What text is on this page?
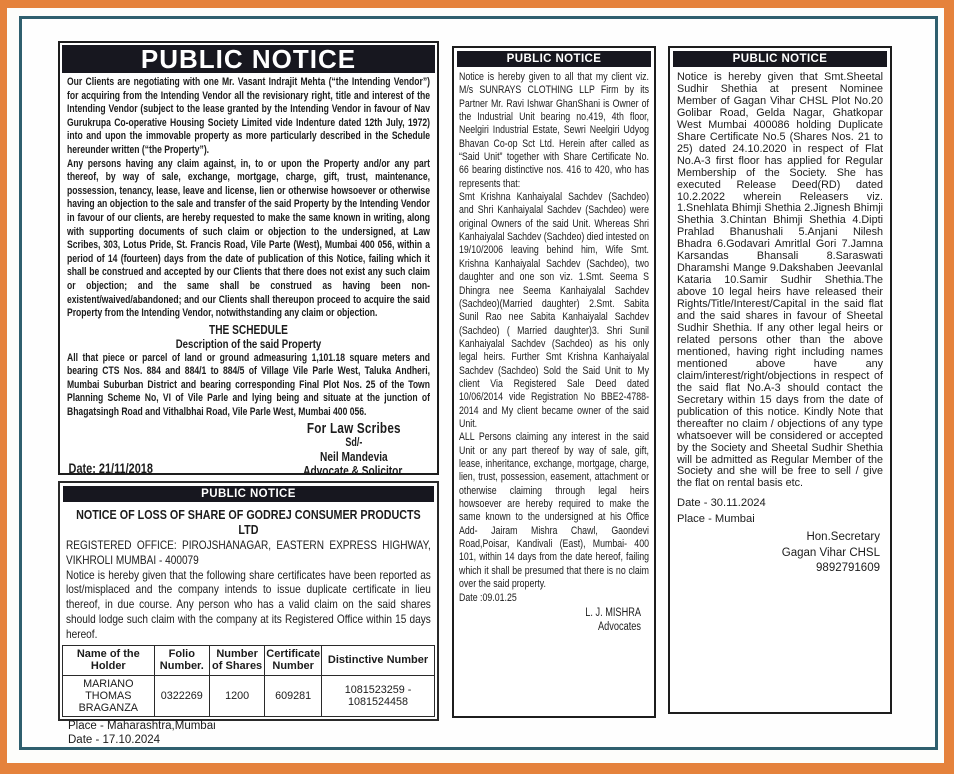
PUBLIC NOTICE

Our Clients are negotiating with one Mr. Vasant Indrajit Mehta (“the Intending Vendor”) for acquiring from the Intending Vendor all the revisionary right, title and interest of the Intending Vendor (subject to the lease granted by the Intending Vendor in favour of Nav Gurukrupa Co-operative Housing Society Limited vide Indenture dated 12th July, 1972) into and upon the immovable property as more particularly described in the Schedule hereunder written (“the Property”).

Any persons having any claim against, in, to or upon the Property and/or any part thereof, by way of sale, exchange, mortgage, charge, gift, trust, maintenance, possession, tenancy, lease, leave and license, lien or otherwise howsoever or otherwise having an objection to the sale and transfer of the said Property by the Intending Vendor in favour of our clients, are hereby requested to make the same known in writing, along with supporting documents of such claim or objection to the undersigned, at Law Scribes, 303, Lotus Pride, St. Francis Road, Vile Parte (West), Mumbai 400 056, within a period of 14 (fourteen) days from the date of publication of this Notice, failing which it shall be construed and accepted by our Clients that there does not exist any such claim or objection; and the same shall be construed as having been non-existent/waived/abandoned; and our Clients shall thereupon proceed to acquire the said Property from the Intending Vendor, notwithstanding any claim or objection.

THE SCHEDULE

Description of the said Property

All that piece or parcel of land or ground admeasuring 1,101.18 square meters and bearing CTS Nos. 884 and 884/1 to 884/5 of Village Vile Parle West, Taluka Andheri, Mumbai Suburban District and bearing corresponding Final Plot Nos. 25 of the Town Planning Scheme No, VI of Vile Parle and lying being and situate at the junction of Bhagatsingh Road and Vithalbhai Road, Vile Parle West, Mumbai 400 056.

For Law Scribes
Sd/-
Neil Mandevia
Advocate & Solicitor.
Date: 21/11/2018
PUBLIC NOTICE

NOTICE OF LOSS OF SHARE OF GODREJ CONSUMER PRODUCTS LTD

REGISTERED OFFICE: PIROJSHANAGAR, EASTERN EXPRESS HIGHWAY, VIKHROLI MUMBAI - 400079

Notice is hereby given that the following share certificates have been reported as lost/misplaced and the company intends to issue duplicate certificate in lieu thereof, in due course. Any person who has a valid claim on the said shares should lodge such claim with the company at its Registered Office within 15 days hereof.

Name of the Holder	Folio Number.	Number of Shares	Certificate Number	Distinctive Number
MARIANO THOMAS BRAGANZA	0322269	1200	609281	1081523259 - 1081524458
Place - Maharashtra,Mumbai
Date - 17.10.2024
PUBLIC NOTICE

Notice is hereby given to all that my client viz. M/s SUNRAYS CLOTHING LLP Firm by its Partner Mr. Ravi Ishwar GhanShani is Owner of the Industrial Unit bearing no.419, 4th floor, Neelgiri Industrial Estate, Sewri Neelgiri Udyog Bhavan Co-op Sct Ltd. Herein after called as “Said Unit” together with Share Certificate No. 66 bearing distinctive nos. 416 to 420, who has represents that:

Smt Krishna Kanhaiyalal Sachdev (Sachdeo) and Shri Kanhaiyalal Sachdev (Sachdeo) were original Owners of the said Unit. Whereas Shri Kanhaiyalal Sachdev (Sachdeo) died intested on 19/10/2006 leaving behind him, Wife Smt. Krishna Kanhaiyalal Sachdev (Sachdeo), two daughter and one son viz. 1.Smt. Seema S Dhingra nee Seema Kanhaiyalal Sachdev (Sachdeo)(Married daughter) 2.Smt. Sabita Sunil Rao nee Sabita Kanhaiyalal Sachdev (Sachdeo) ( Married daughter)3. Shri Sunil Kanhaiyalal Sachdev (Sachdeo) as his only legal heirs. Further Smt Krishna Kanhaiyalal Sachdev (Sachdeo) Sold the Said Unit to My client Via Registered Sale Deed dated 10/06/2014 vide Registration No BBE2-4788-2014 and My client became owner of the said Unit.

ALL Persons claiming any interest in the said Unit or any part thereof by way of sale, gift, lease, inheritance, exchange, mortgage, charge, lien, trust, possession, easement, attachment or otherwise claiming through legal heirs howsoever are hereby required to make the same known to the undersigned at his Office Add- Jairam Mishra Chawl, Gaondevi Road,Poisar, Kandivali (East), Mumbai- 400 101, within 14 days from the date hereof, failing which it shall be presumed that there is no claim over the said property.

Date :09.01.25

L. J. MISHRA
Advocates
PUBLIC NOTICE

Notice is hereby given that Smt.Sheetal Sudhir Shethia at present Nominee Member of Gagan Vihar CHSL Plot No.20 Golibar Road, Gelda Nagar, Ghatkopar West Mumbai 400086 holding Duplicate Share Certificate No.5 (Shares Nos. 21 to 25) dated 24.10.2020 in respect of Flat No.A-3 first floor has applied for Regular Membership of the Society. She has executed Release Deed(RD) dated 10.2.2022 wherein Releasers viz. 1.Snehlata Bhimji Shethia 2.Jignesh Bhimji Shethia 3.Chintan Bhimji Shethia 4.Dipti Prahlad Bhanushali 5.Anjani Nilesh Bhadra 6.Godavari Amritlal Gori 7.Jamna Karsandas Bhansali 8.Saraswati Dharamshi Mange 9.Dakshaben Jeevanlal Kataria 10.Samir Sudhir Shethia.The above 10 legal heirs have released their Rights/Title/Interest/Capital in the said flat and the said shares in favour of Sheetal Sudhir Shethia. If any other legal heirs or related persons other than the above mentioned, having right including names mentioned above have any claim/interest/right/objections in respect of the said flat No.A-3 should contact the Secretary within 15 days from the date of publication of this notice. Kindly Note that thereafter no claim / objections of any type whatsoever will be considered or accepted by the Society and Sheetal Sudhir Shethia will be admitted as Regular Member of the Society and she will be free to sell / give the flat on rental basis etc.

Date - 30.11.2024
Place - Mumbai
Hon.Secretary
Gagan Vihar CHSL
9892791609
